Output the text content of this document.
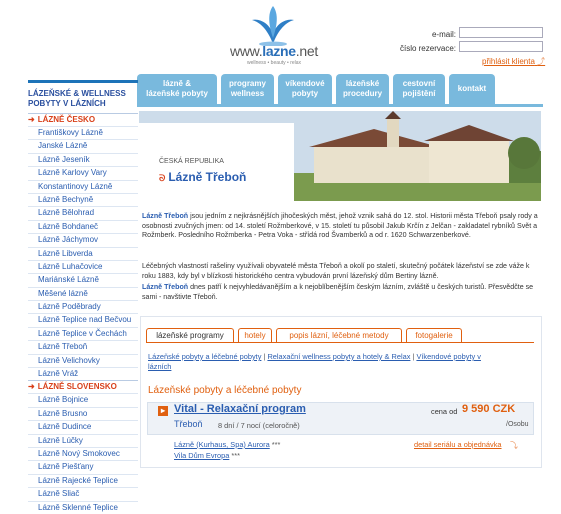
www.lazne.net
wellness • beauty • relax
e-mail:
číslo rezervace:
přihlásit klienta ⤴
lázně &
lázeňské pobyty
programy
wellness
víkendové
pobyty
lázeňské
procedury
cestovní
pojištění	kontakt
LÁZEŇSKÉ & WELLNESS
POBYTY V LÁZNÍCH
➜ LÁZNĚ ČESKO
Františkovy Lázně
Janské Lázně
Lázně Jeseník
Lázně Karlovy Vary
Konstantinovy Lázně
Lázně Bechyně
Lázně Bělohrad
Lázně Bohdaneč
Lázně Jáchymov
Lázně Libverda
Lázně Luhačovice
Mariánské Lázně
Měšené lázně
Lázně Poděbrady
Lázně Teplice nad Bečvou
Lázně Teplice v Čechách
Lázně Třeboň
Lázně Velichovky
Lázně Vráž
➜ LÁZNĚ SLOVENSKO
Lázně Bojnice
Lázně Brusno
Lázně Dudince
Lázně Lúčky
Lázně Nový Smokovec
Lázně Piešťany
Lázně Rajecké Teplice
Lázně Sliač
Lázně Sklenné Teplice
ČESKÁ REPUBLIKA
ᘐ Lázně Třeboň
Lázně Třeboň jsou jedním z nejkrásnějších jihočeských měst, jehož vznik sahá do 12. stol. Historii města Třeboň psaly rody a osobnosti zvučných jmen: od 14. století Rožmberkové, v 15. století tu působil Jakub Krčín z Jelčan - zakladatel rybníků Svět a Rožmberk. Posledního Rožmberka - Petra Voka - střídá rod Švamberků a od r. 1620 Schwarzenberkové.
Léčebných vlastností rašeliny využívali obyvatelé města Třeboň a okolí po staletí, skutečný počátek lázeňství se zde váže k roku 1883, kdy byl v blízkosti historického centra vybudován první lázeňský dům Bertiny lázně.
Lázně Třeboň dnes patří k nejvyhledávanějším a k nejoblíbenějším českým lázním, zvláště u českých turistů. Přesvědčte se sami - navštivte Třeboň.
lázeňské programy	hotely	popis lázní, léčebné metody	fotogalerie
Lázeňské pobyty a léčebné pobyty | Relaxační wellness pobyty a hotely & Relax | Víkendové pobyty v
lázních
Lázeňské pobyty a léčebné pobyty
▸ Vital - Relaxační program
Třeboň 8 dní / 7 nocí (celoročně)
cena od 9 590 CZK
/Osobu
Lázně (Kurhaus, Spa) Aurora ***
Vila Dům Evropa ***
detail seriálu a objednávka ⤵
